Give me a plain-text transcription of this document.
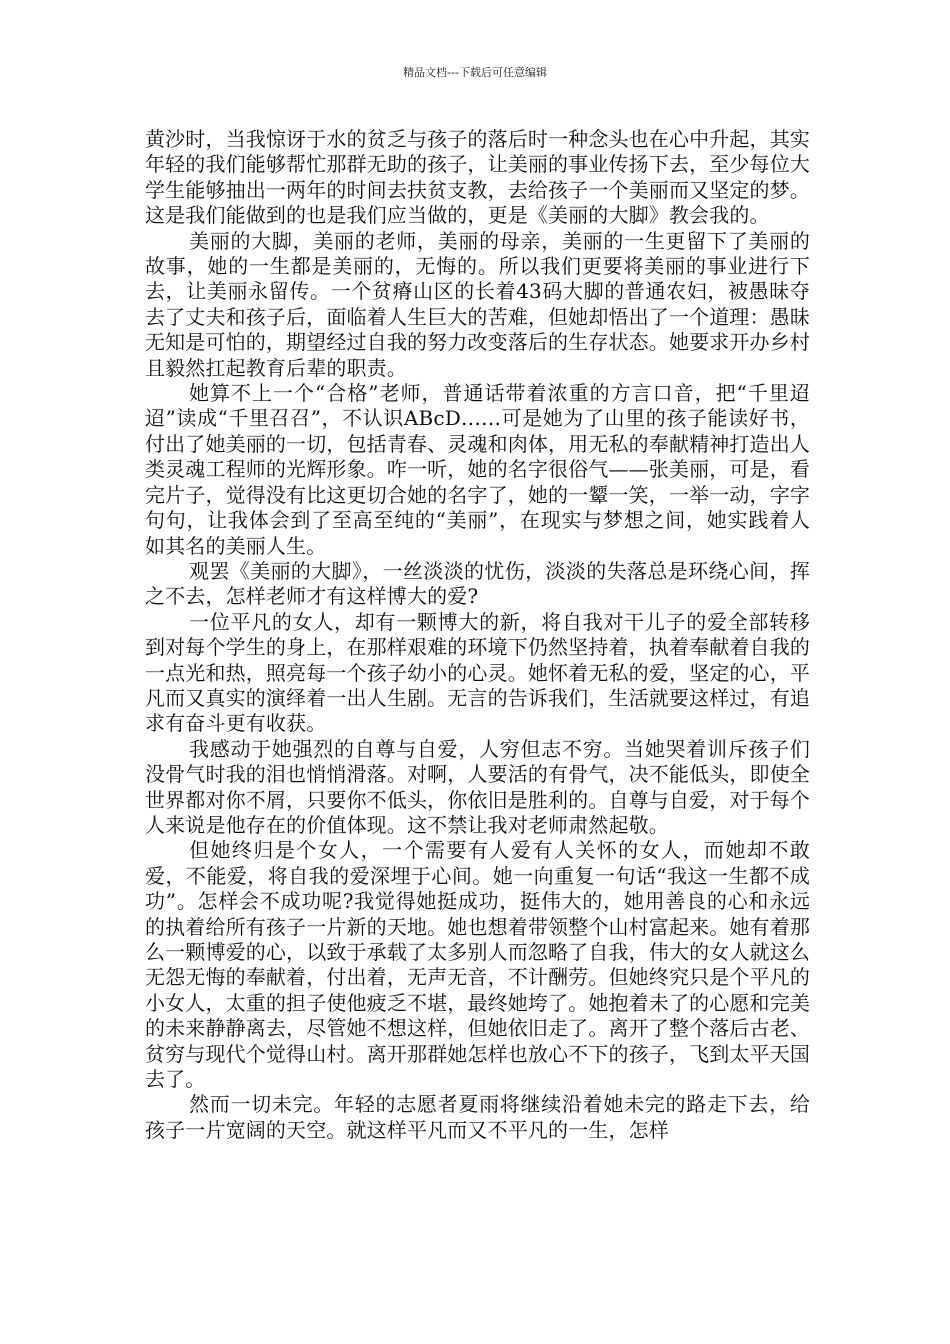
精品文档---下载后可任意编辑

黄沙时，当我惊讶于水的贫乏与孩子的落后时一种念头也在心中升起，其实年轻的我们能够帮忙那群无助的孩子，让美丽的事业传扬下去，至少每位大学生能够抽出一两年的时间去扶贫支教，去给孩子一个美丽而又坚定的梦。这是我们能做到的也是我们应当做的，更是《美丽的大脚》教会我的。

美丽的大脚，美丽的老师，美丽的母亲，美丽的一生更留下了美丽的故事，她的一生都是美丽的，无悔的。所以我们更要将美丽的事业进行下去，让美丽永留传。一个贫瘠山区的长着43码大脚的普通农妇，被愚昧夺去了丈夫和孩子后，面临着人生巨大的苦难，但她却悟出了一个道理：愚昧无知是可怕的，期望经过自我的努力改变落后的生存状态。她要求开办乡村且毅然扛起教育后辈的职责。

她算不上一个“合格”老师，普通话带着浓重的方言口音，把“千里迢迢”读成“千里召召”，不认识ABcD……可是她为了山里的孩子能读好书，付出了她美丽的一切，包括青春、灵魂和肉体，用无私的奉献精神打造出人类灵魂工程师的光辉形象。咋一听，她的名字很俗气——张美丽，可是，看完片子，觉得没有比这更切合她的名字了，她的一颦一笑，一举一动，字字句句，让我体会到了至高至纯的“美丽”，在现实与梦想之间，她实践着人如其名的美丽人生。

观罢《美丽的大脚》，一丝淡淡的忧伤，淡淡的失落总是环绕心间，挥之不去，怎样老师才有这样博大的爱?

一位平凡的女人，却有一颗博大的新，将自我对干儿子的爱全部转移到对每个学生的身上，在那样艰难的环境下仍然坚持着，执着奉献着自我的一点光和热，照亮每一个孩子幼小的心灵。她怀着无私的爱，坚定的心，平凡而又真实的演绎着一出人生剧。无言的告诉我们，生活就要这样过，有追求有奋斗更有收获。

我感动于她强烈的自尊与自爱，人穷但志不穷。当她哭着训斥孩子们没骨气时我的泪也悄悄滑落。对啊，人要活的有骨气，决不能低头，即使全世界都对你不屑，只要你不低头，你依旧是胜利的。自尊与自爱，对于每个人来说是他存在的价值体现。这不禁让我对老师肃然起敬。

但她终归是个女人，一个需要有人爱有人关怀的女人，而她却不敢爱，不能爱，将自我的爱深埋于心间。她一向重复一句话“我这一生都不成功”。怎样会不成功呢?我觉得她挺成功，挺伟大的，她用善良的心和永远的执着给所有孩子一片新的天地。她也想着带领整个山村富起来。她有着那么一颗博爱的心，以致于承载了太多别人而忽略了自我，伟大的女人就这么无怨无悔的奉献着，付出着，无声无音，不计酬劳。但她终究只是个平凡的小女人，太重的担子使他疲乏不堪，最终她垮了。她抱着未了的心愿和完美的未来静静离去，尽管她不想这样，但她依旧走了。离开了整个落后古老、贫穷与现代个觉得山村。离开那群她怎样也放心不下的孩子，飞到太平天国去了。

然而一切未完。年轻的志愿者夏雨将继续沿着她未完的路走下去，给孩子一片宽阔的天空。就这样平凡而又不平凡的一生，怎样
